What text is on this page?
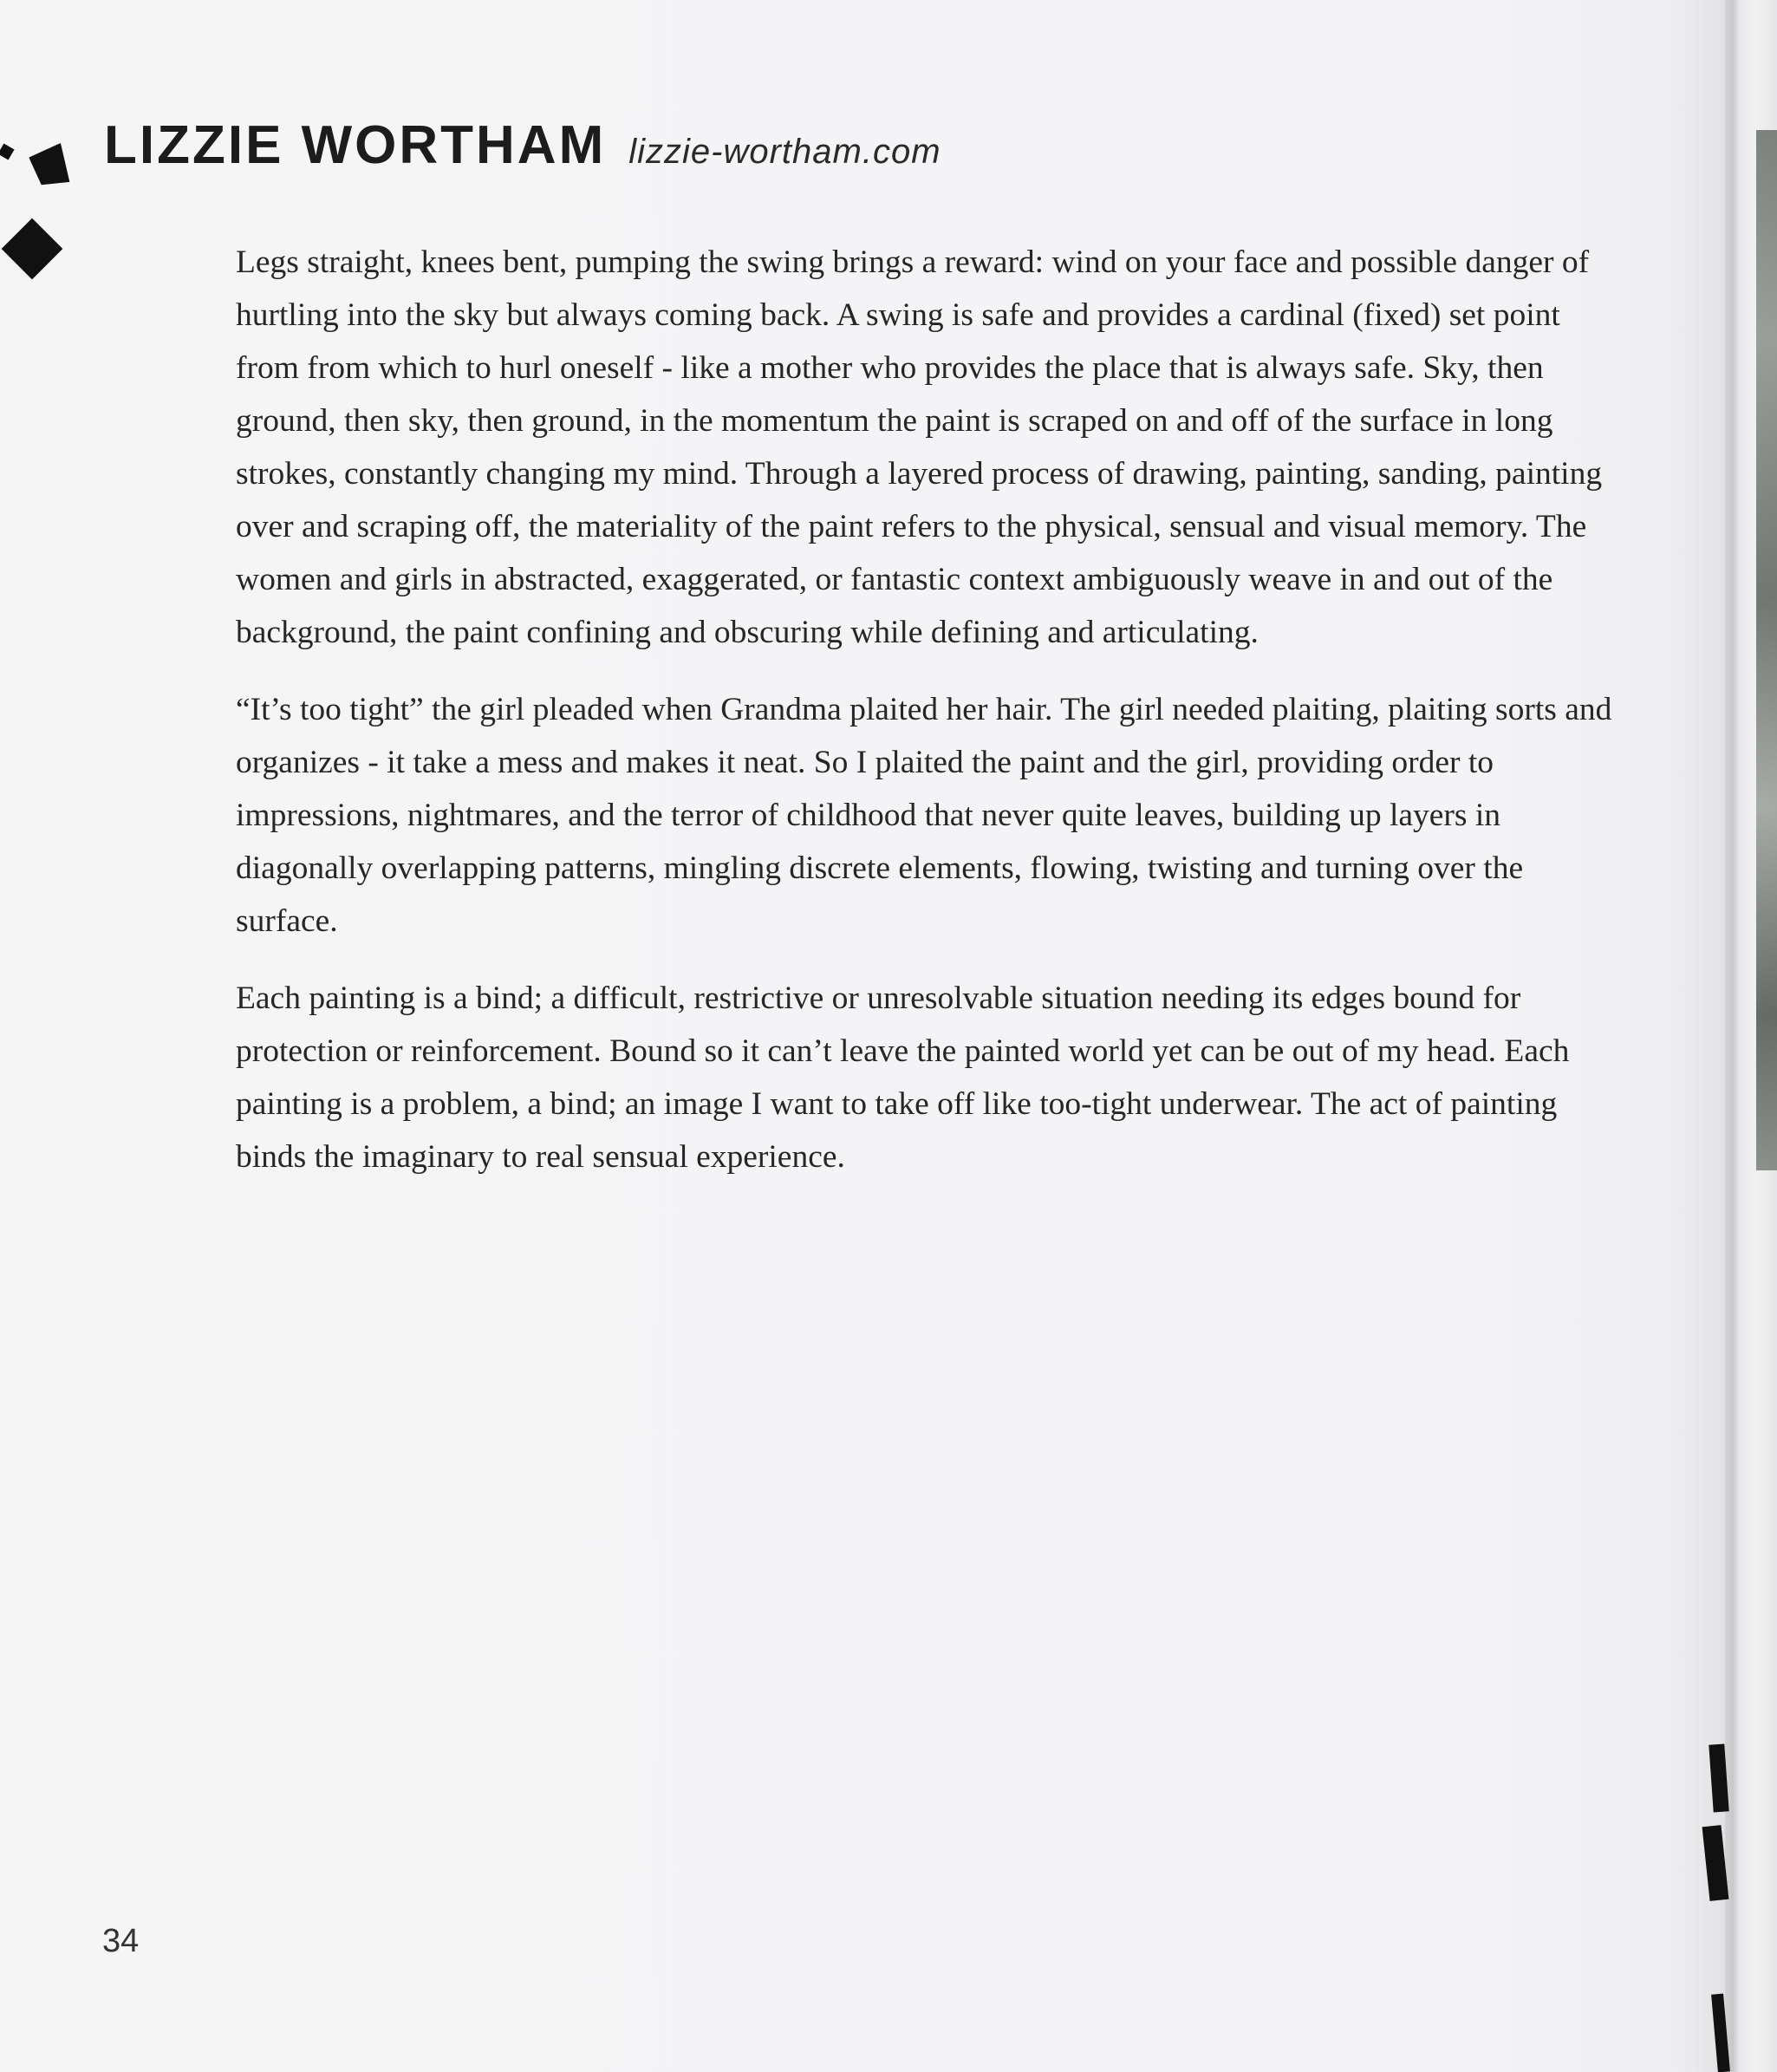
LIZZIE WORTHAM lizzie-wortham.com

Legs straight, knees bent, pumping the swing brings a reward: wind on your face and possible danger of hurtling into the sky but always coming back. A swing is safe and provides a cardinal (fixed) set point from from which to hurl oneself - like a mother who provides the place that is always safe. Sky, then ground, then sky, then ground, in the momentum the paint is scraped on and off of the surface in long strokes, constantly changing my mind. Through a layered process of drawing, painting, sanding, painting over and scraping off, the materiality of the paint refers to the physical, sensual and visual memory. The women and girls in abstracted, exaggerated, or fantastic context ambiguously weave in and out of the background, the paint confining and obscuring while defining and articulating.

“It’s too tight” the girl pleaded when Grandma plaited her hair. The girl needed plaiting, plaiting sorts and organizes - it take a mess and makes it neat. So I plaited the paint and the girl, providing order to impressions, nightmares, and the terror of childhood that never quite leaves, building up layers in diagonally overlapping patterns, mingling discrete elements, flowing, twisting and turning over the surface.

Each painting is a bind; a difficult, restrictive or unresolvable situation needing its edges bound for protection or reinforcement. Bound so it can’t leave the painted world yet can be out of my head. Each painting is a problem, a bind; an image I want to take off like too-tight underwear. The act of painting binds the imaginary to real sensual experience.

34
